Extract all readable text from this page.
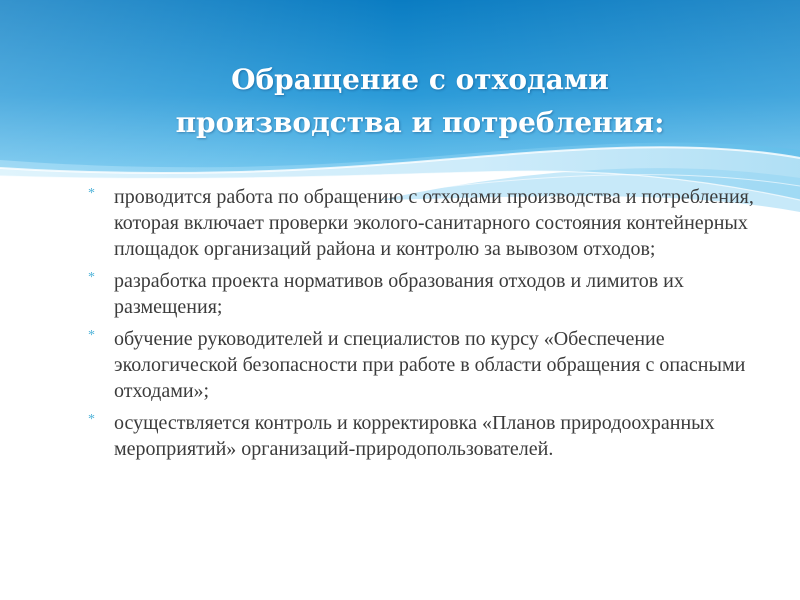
Обращение с отходами
производства и потребления:
* проводится работа по обращению с отходами производства и потребления, которая включает проверки эколого-санитарного состояния контейнерных площадок организаций района и контролю за вывозом отходов;
* разработка проекта нормативов образования отходов и лимитов их размещения;
* обучение руководителей и специалистов по курсу «Обеспечение экологической безопасности при работе в области обращения с опасными отходами»;
* осуществляется контроль и корректировка «Планов природоохранных мероприятий» организаций-природопользователей.
